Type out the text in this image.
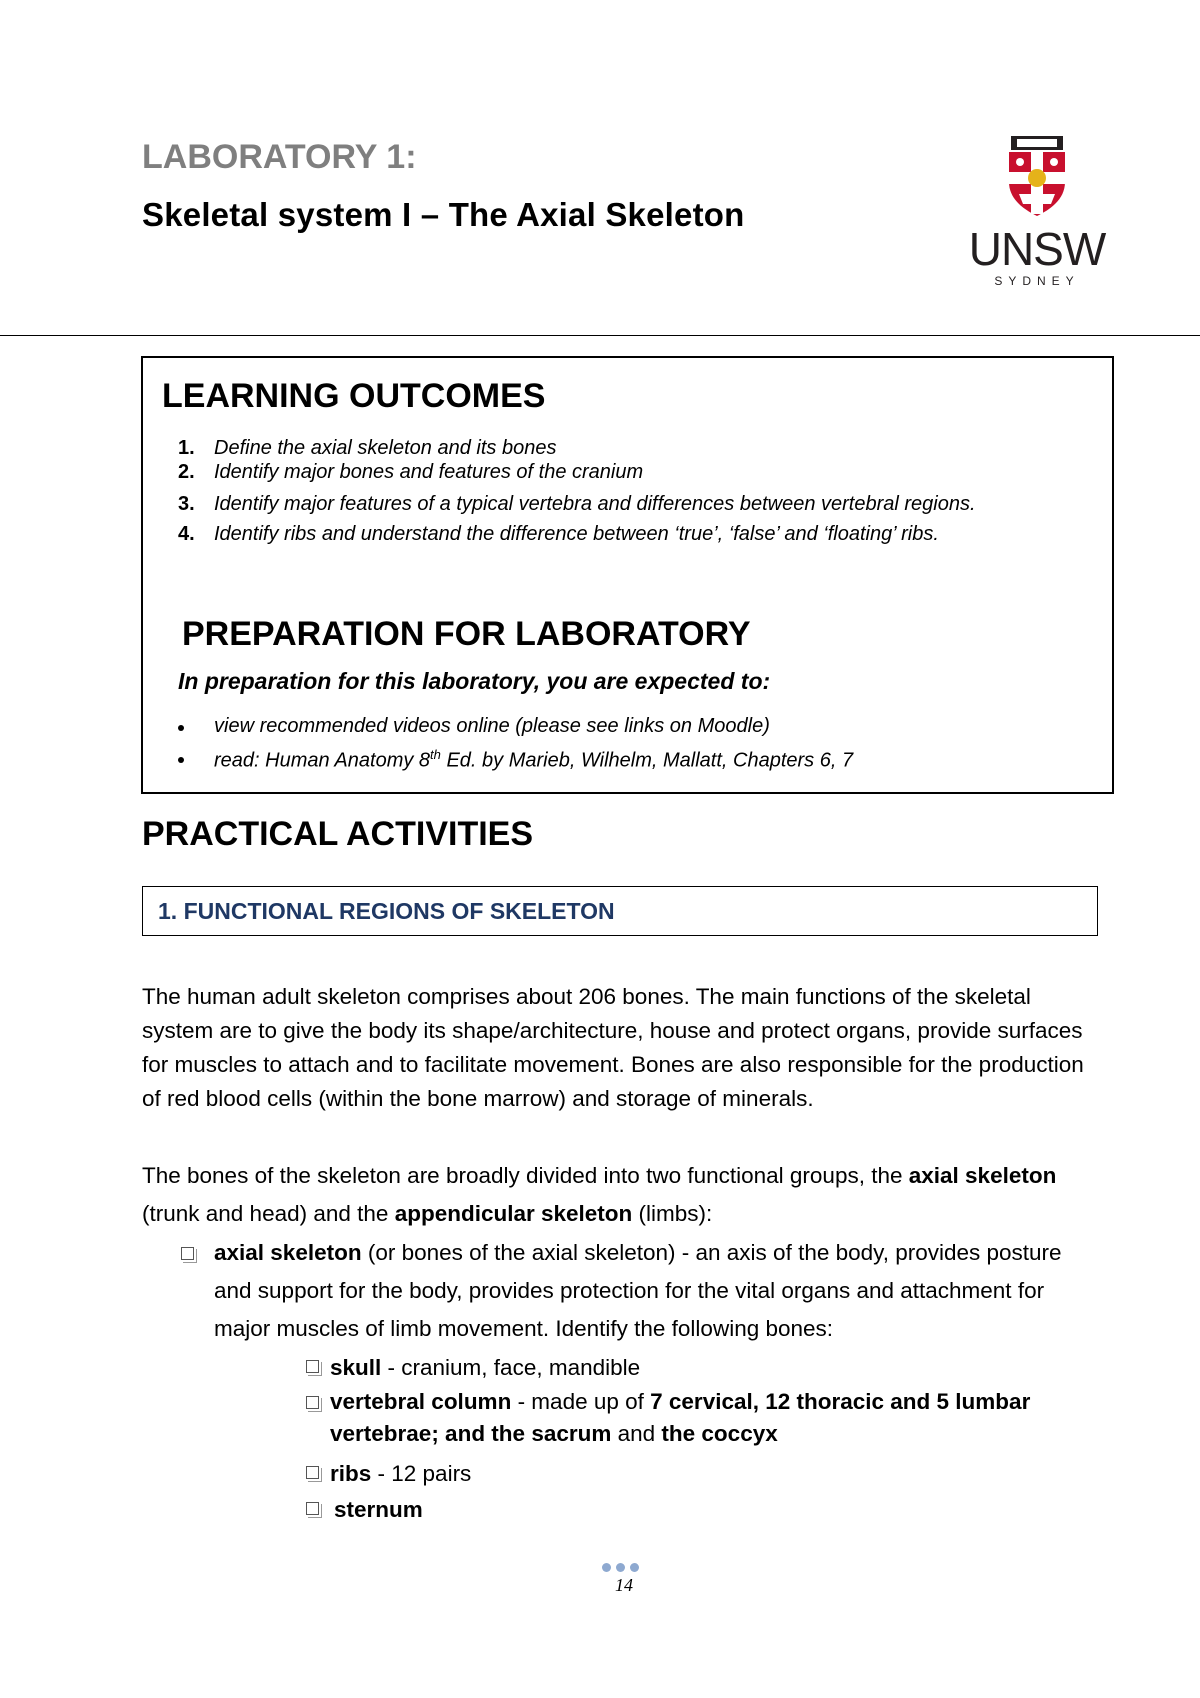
LABORATORY 1:
Skeletal system I – The Axial Skeleton
UNSW
SYDNEY
LEARNING OUTCOMES
1. Define the axial skeleton and its bones
2. Identify major bones and features of the cranium
3. Identify major features of a typical vertebra and differences between vertebral regions.
4. Identify ribs and understand the difference between ‘true’, ‘false’ and ‘floating’ ribs.
PREPARATION FOR LABORATORY
In preparation for this laboratory, you are expected to:
view recommended videos online (please see links on Moodle)
read: Human Anatomy 8th Ed. by Marieb, Wilhelm, Mallatt, Chapters 6, 7
PRACTICAL ACTIVITIES
1. FUNCTIONAL REGIONS OF SKELETON

The human adult skeleton comprises about 206 bones. The main functions of the skeletal system are to give the body its shape/architecture, house and protect organs, provide surfaces for muscles to attach and to facilitate movement. Bones are also responsible for the production of red blood cells (within the bone marrow) and storage of minerals.

The bones of the skeleton are broadly divided into two functional groups, the axial skeleton (trunk and head) and the appendicular skeleton (limbs):

axial skeleton (or bones of the axial skeleton) - an axis of the body, provides posture and support for the body, provides protection for the vital organs and attachment for major muscles of limb movement. Identify the following bones:
skull - cranium, face, mandible
vertebral column - made up of 7 cervical, 12 thoracic and 5 lumbar vertebrae; and the sacrum and the coccyx
ribs - 12 pairs
sternum
14
